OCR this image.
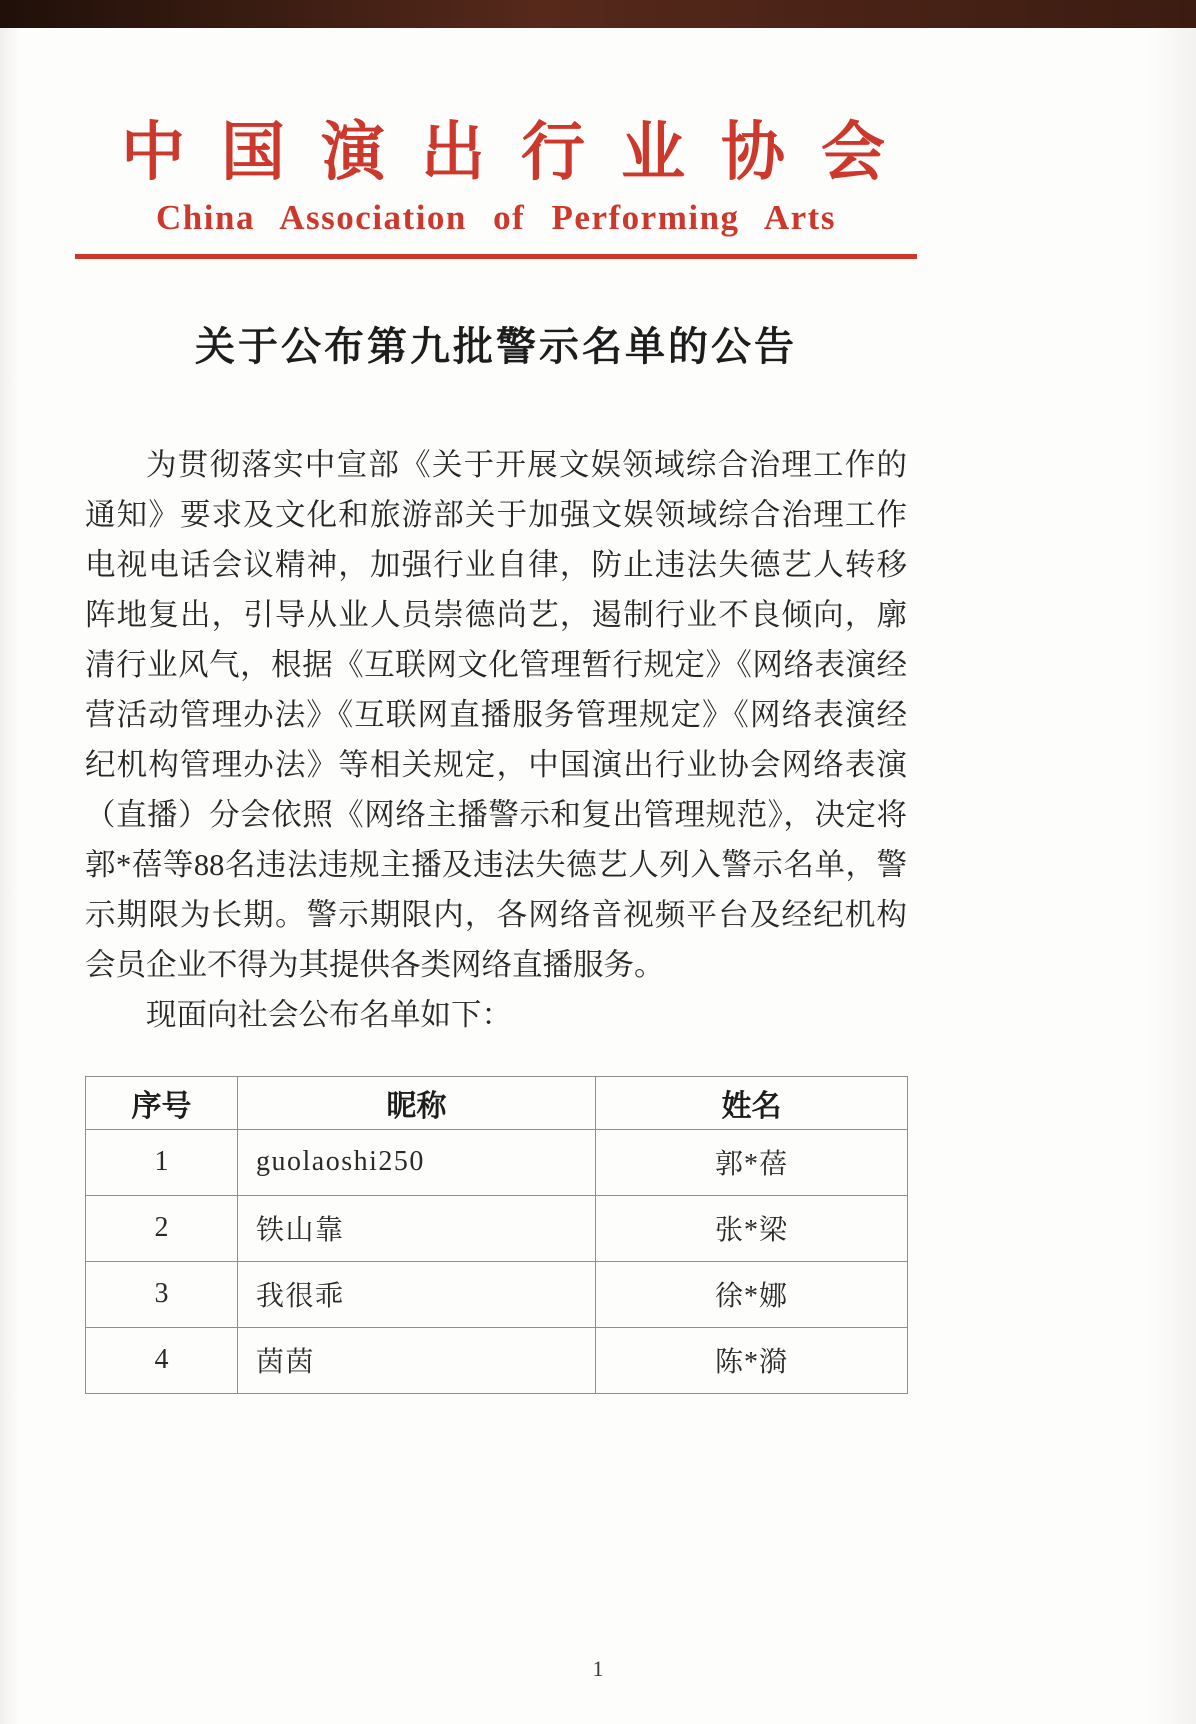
中国演出行业协会
China Association of Performing Arts
关于公布第九批警示名单的公告

为贯彻落实中宣部《关于开展文娱领域综合治理工作的通知》要求及文化和旅游部关于加强文娱领域综合治理工作电视电话会议精神，加强行业自律，防止违法失德艺人转移阵地复出，引导从业人员崇德尚艺，遏制行业不良倾向，廓清行业风气，根据《互联网文化管理暂行规定》《网络表演经营活动管理办法》《互联网直播服务管理规定》《网络表演经纪机构管理办法》等相关规定，中国演出行业协会网络表演（直播）分会依照《网络主播警示和复出管理规范》，决定将郭*蓓等88名违法违规主播及违法失德艺人列入警示名单，警示期限为长期。警示期限内，各网络音视频平台及经纪机构会员企业不得为其提供各类网络直播服务。

现面向社会公布名单如下：

序号	昵称	姓名
1	guolaoshi250	郭*蓓
2	铁山靠	张*梁
3	我很乖	徐*娜
4	茵茵	陈*漪
1
